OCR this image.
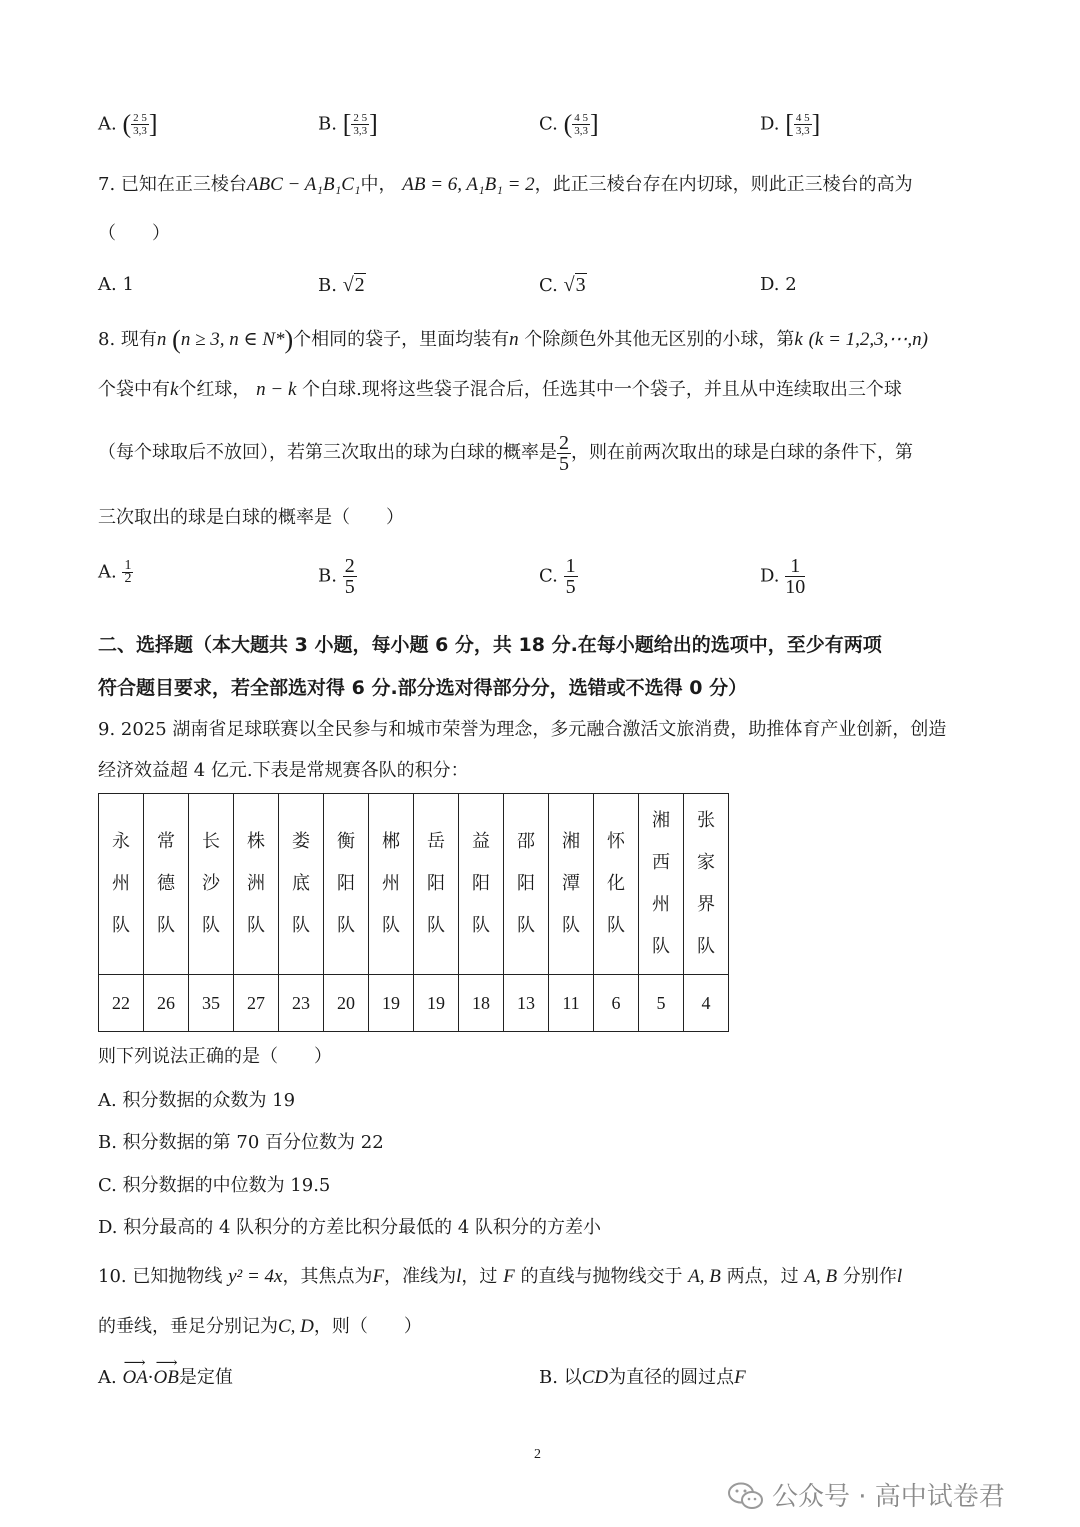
A. ( $\frac{2 5}{3,3}$ ]	B. [ $\frac{2 5}{3,3}$ ]	C. ( $\frac{4 5}{3,3}$ ]	D. [ $\frac{4 5}{3,3}$ ]
7. 已知在正三棱台ABC − A₁B₁C₁中， AB = 6, A₁B₁ = 2，此正三棱台存在内切球，则此正三棱台的高为
（　　）
A. 1	B. √2	C. √3	D. 2
8. 现有n (n ≥ 3, n ∈ N*)个相同的袋子，里面均装有n 个除颜色外其他无区别的小球，第k (k = 1,2,3,⋯,n)
个袋中有k个红球， n − k 个白球.现将这些袋子混合后，任选其中一个袋子，并且从中连续取出三个球
（每个球取后不放回），若第三次取出的球为白球的概率是 $\frac{2}{5}$ ，则在前两次取出的球是白球的条件下，第
三次取出的球是白球的概率是（　　）
A. $\frac{1}{2}$	B. $\frac{2}{5}$	C. $\frac{1}{5}$	D. $\frac{1}{10}$
二、选择题（本大题共 3 小题，每小题 6 分，共 18 分.在每小题给出的选项中，至少有两项
符合题目要求，若全部选对得 6 分.部分选对得部分分，选错或不选得 0 分）
9. 2025 湖南省足球联赛以全民参与和城市荣誉为理念，多元融合激活文旅消费，助推体育产业创新，创造
经济效益超 4 亿元.下表是常规赛各队的积分：
永
州
队	常
德
队	长
沙
队	株
洲
队	娄
底
队	衡
阳
队	郴
州
队	岳
阳
队	益
阳
队	邵
阳
队	湘
潭
队	怀
化
队	湘
西
州
队	张
家
界
队

22	26	35	27	23	20	19	19	18	13	11	6	5	4
则下列说法正确的是（　　）
A. 积分数据的众数为 19
B. 积分数据的第 70 百分位数为 22
C. 积分数据的中位数为 19.5
D. 积分最高的 4 队积分的方差比积分最低的 4 队积分的方差小
10. 已知抛物线 y² = 4x，其焦点为F，准线为l，过 F 的直线与抛物线交于 A, B 两点，过 A, B 分别作l
的垂线，垂足分别记为C, D，则（　　）
A. ⟶ OA·⟶ OB是定值	B. 以CD为直径的圆过点F
2
公众号 · 高中试卷君
